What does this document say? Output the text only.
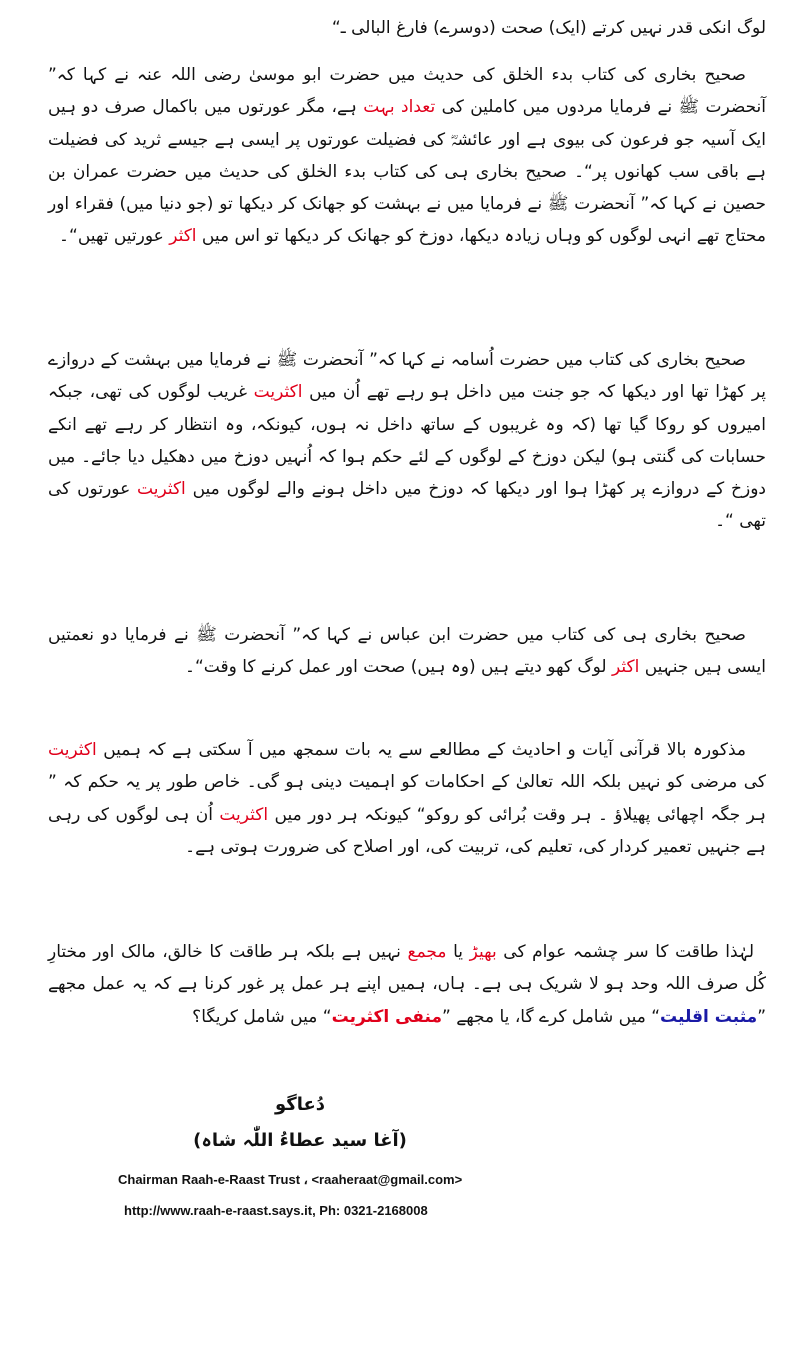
لوگ انکی قدر نہیں کرتے (ایک) صحت (دوسرے) فارغ البالی ـ“
صحیح بخاری کی کتاب بدء الخلق کی حدیث میں حضرت ابو موسیٰ رضی اللہ عنہ نے کہا کہ” آنحضرت ﷺ نے فرمایا مردوں میں کاملین کی تعداد بہت ہے، مگر عورتوں میں باکمال صرف دو ہیں ایک آسیہ جو فرعون کی بیوی ہے اور عائشہؓ کی فضیلت عورتوں پر ایسی ہے جیسے ثرید کی فضیلت ہے باقی سب کھانوں پر“۔ صحیح بخاری ہی کی کتاب بدء الخلق کی حدیث میں حضرت عمران بن حصین نے کہا کہ” آنحضرت ﷺ نے فرمایا میں نے بہشت کو جھانک کر دیکھا تو (جو دنیا میں) فقراء اور محتاج تھے انہی لوگوں کو وہاں زیادہ دیکھا، دوزخ کو جھانک کر دیکھا تو اس میں اکثر عورتیں تھیں“۔
صحیح بخاری کی کتاب میں حضرت اُسامہ نے کہا کہ” آنحضرت ﷺ نے فرمایا میں بہشت کے دروازے پر کھڑا تھا اور دیکھا کہ جو جنت میں داخل ہو رہے تھے اُن میں اکثریت غریب لوگوں کی تھی، جبکہ امیروں کو روکا گیا تھا (کہ وہ غریبوں کے ساتھ داخل نہ ہوں، کیونکہ، وہ انتظار کر رہے تھے انکے حسابات کی گنتی ہو) لیکن دوزخ کے لوگوں کے لئے حکم ہوا کہ اُنہیں دوزخ میں دھکیل دیا جائے۔ میں دوزخ کے دروازے پر کھڑا ہوا اور دیکھا کہ دوزخ میں داخل ہونے والے لوگوں میں اکثریت عورتوں کی تھی “۔
صحیح بخاری ہی کی کتاب میں حضرت ابن عباس نے کہا کہ” آنحضرت ﷺ نے فرمایا دو نعمتیں ایسی ہیں جنہیں اکثر لوگ کھو دیتے ہیں (وہ ہیں) صحت اور عمل کرنے کا وقت“۔
مذکورہ بالا قرآنی آیات و احادیث کے مطالعے سے یہ بات سمجھ میں آ سکتی ہے کہ ہمیں اکثریت کی مرضی کو نہیں بلکہ اللہ تعالیٰ کے احکامات کو اہمیت دینی ہو گی۔ خاص طور پر یہ حکم کہ ” ہر جگہ اچھائی پھیلاؤ ۔ ہر وقت بُرائی کو روکو“ کیونکہ ہر دور میں اکثریت اُن ہی لوگوں کی رہی ہے جنہیں تعمیر کردار کی، تعلیم کی، تربیت کی، اور اصلاح کی ضرورت ہوتی ہے۔
لہٰذا طاقت کا سر چشمہ عوام کی بھیڑ یا مجمع نہیں ہے بلکہ ہر طاقت کا خالق، مالک اور مختارِ کُل صرف اللہ وحد ہو لا شریک ہی ہے۔ ہاں، ہمیں اپنے ہر عمل پر غور کرنا ہے کہ یہ عمل مجھے ”مثبت اقلیت“ میں شامل کرے گا، یا مجھے ”منفی اکثریت“ میں شامل کریگا؟
دُعاگو
(آغا سید عطاءُ اللّٰہ شاہ)
Chairman Raah-e-Raast Trust ، <raaheraat@gmail.com>
http://www.raah-e-raast.says.it, Ph: 0321-2168008
